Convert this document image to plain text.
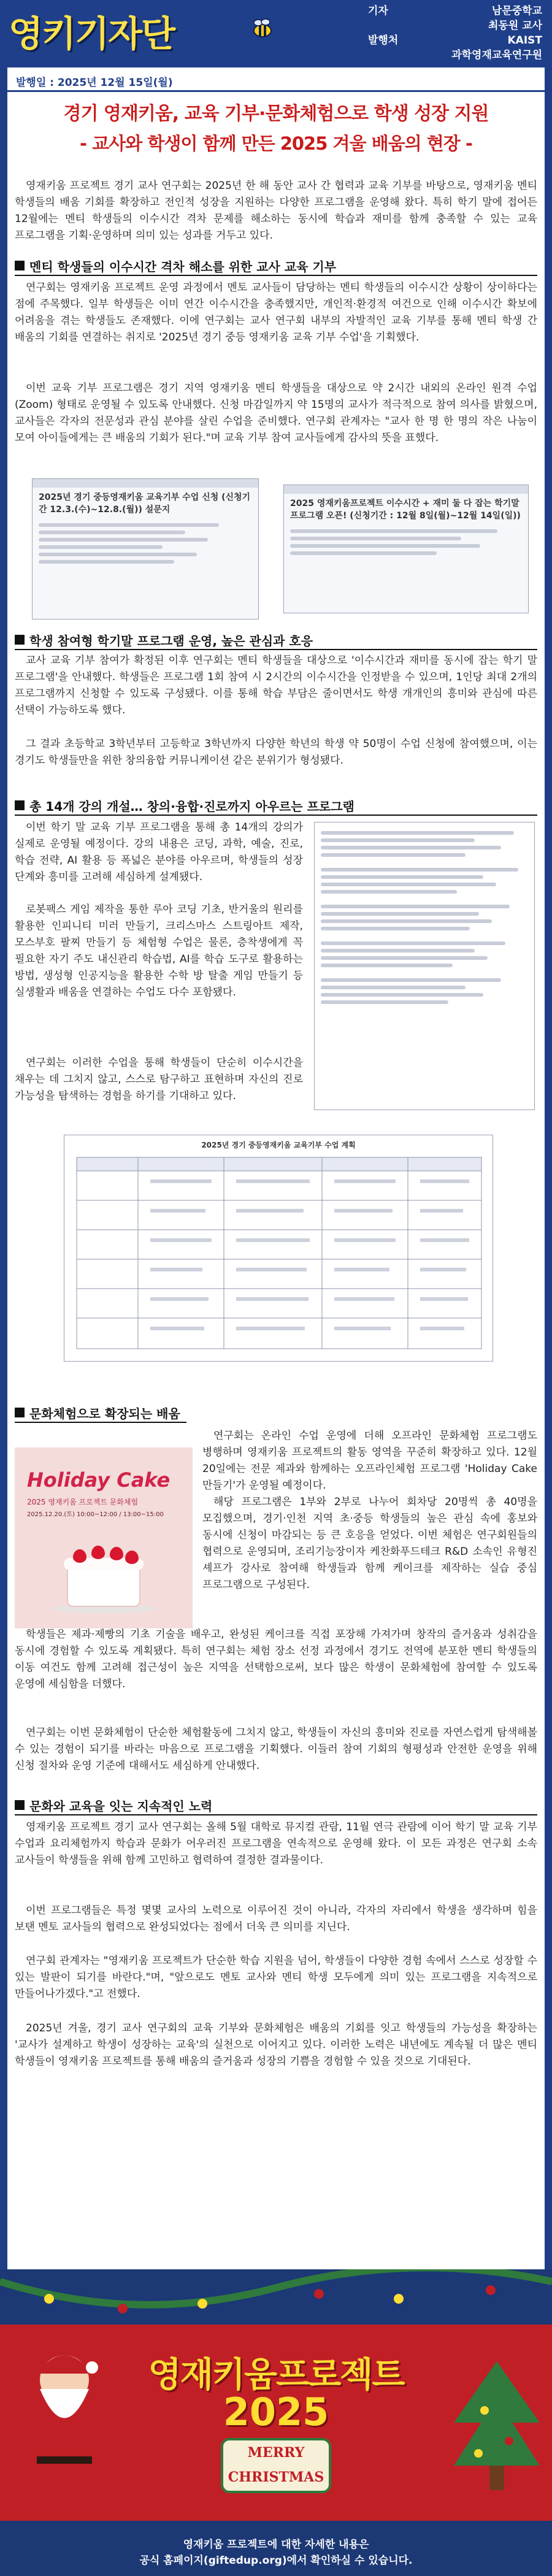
영키기자단
기자	남문중학교
최동원 교사
발행처	KAIST
과학영재교육연구원
발행일 : 2025년 12월 15일(월)
경기 영재키움, 교육 기부·문화체험으로 학생 성장 지원
- 교사와 학생이 함께 만든 2025 겨울 배움의 현장 -
영재키움 프로젝트 경기 교사 연구회는 2025년 한 해 동안 교사 간 협력과 교육 기부를 바탕으로, 영재키움 멘티 학생들의 배움 기회를 확장하고 전인적 성장을 지원하는 다양한 프로그램을 운영해 왔다. 특히 학기 말에 접어든 12월에는 멘티 학생들의 이수시간 격차 문제를 해소하는 동시에 학습과 재미를 함께 충족할 수 있는 교육 프로그램을 기획·운영하며 의미 있는 성과를 거두고 있다.
멘티 학생들의 이수시간 격차 해소를 위한 교사 교육 기부
연구회는 영재키움 프로젝트 운영 과정에서 멘토 교사들이 담당하는 멘티 학생들의 이수시간 상황이 상이하다는 점에 주목했다. 일부 학생들은 이미 연간 이수시간을 충족했지만, 개인적·환경적 여건으로 인해 이수시간 확보에 어려움을 겪는 학생들도 존재했다. 이에 연구회는 교사 연구회 내부의 자발적인 교육 기부를 통해 멘티 학생 간 배움의 기회를 연결하는 취지로 '2025년 경기 중등 영재키움 교육 기부 수업'을 기획했다.
이번 교육 기부 프로그램은 경기 지역 영재키움 멘티 학생들을 대상으로 약 2시간 내외의 온라인 원격 수업(Zoom) 형태로 운영될 수 있도록 안내했다. 신청 마감일까지 약 15명의 교사가 적극적으로 참여 의사를 밝혔으며, 교사들은 각자의 전문성과 관심 분야를 살린 수업을 준비했다. 연구회 관계자는 "교사 한 명 한 명의 작은 나눔이 모여 아이들에게는 큰 배움의 기회가 된다."며 교육 기부 참여 교사들에게 감사의 뜻을 표했다.
2025년 경기 중등영재키움 교육기부 수업 신청 (신청기간 12.3.(수)~12.8.(월)) 설문지
2025 영재키움프로젝트 이수시간 + 재미 둘 다 잡는 학기말 프로그램 오픈! (신청기간 : 12월 8일(월)~12월 14일(일))
학생 참여형 학기말 프로그램 운영, 높은 관심과 호응
교사 교육 기부 참여가 확정된 이후 연구회는 멘티 학생들을 대상으로 '이수시간과 재미를 동시에 잡는 학기 말 프로그램'을 안내했다. 학생들은 프로그램 1회 참여 시 2시간의 이수시간을 인정받을 수 있으며, 1인당 최대 2개의 프로그램까지 신청할 수 있도록 구성됐다. 이를 통해 학습 부담은 줄이면서도 학생 개개인의 흥미와 관심에 따른 선택이 가능하도록 했다.
그 결과 초등학교 3학년부터 고등학교 3학년까지 다양한 학년의 학생 약 50명이 수업 신청에 참여했으며, 이는 경기도 학생들만을 위한 창의융합 커뮤니케이션 같은 분위기가 형성됐다.
총 14개 강의 개설… 창의·융합·진로까지 아우르는 프로그램
이번 학기 말 교육 기부 프로그램을 통해 총 14개의 강의가 실제로 운영될 예정이다. 강의 내용은 코딩, 과학, 예술, 진로, 학습 전략, AI 활용 등 폭넓은 분야를 아우르며, 학생들의 성장 단계와 흥미를 고려해 세심하게 설계됐다.
로봇팩스 게임 제작을 통한 루아 코딩 기초, 반거울의 원리를 활용한 인피니티 미러 만들기, 크리스마스 스트링아트 제작, 모스부호 팔찌 만들기 등 체험형 수업은 물론, 층착생에게 꼭 필요한 자기 주도 내신관리 학습법, AI를 학습 도구로 활용하는 방법, 생성형 인공지능을 활용한 수학 방 탈출 게임 만들기 등 실생활과 배움을 연결하는 수업도 다수 포함됐다.
연구회는 이러한 수업을 통해 학생들이 단순히 이수시간을 채우는 데 그치지 않고, 스스로 탐구하고 표현하며 자신의 진로 가능성을 탐색하는 경험을 하기를 기대하고 있다.
2025년 경기 중등영재키움 교육기부 수업 계획
문화체험으로 확장되는 배움
Holiday Cake
2025 영재키움 프로젝트 문화체험
2025.12.20.(토) 10:00~12:00 / 13:00~15:00
연구회는 온라인 수업 운영에 더해 오프라인 문화체험 프로그램도 병행하며 영재키움 프로젝트의 활동 영역을 꾸준히 확장하고 있다. 12월 20일에는 전문 제과와 함께하는 오프라인체험 프로그램 'Holiday Cake 만들기'가 운영될 예정이다.
해당 프로그램은 1부와 2부로 나누어 회차당 20명씩 총 40명을 모집했으며, 경기·인천 지역 초·중등 학생들의 높은 관심 속에 홍보와 동시에 신청이 마감되는 등 큰 호응을 얻었다. 이번 체험은 연구회원들의 협력으로 운영되며, 조리기능장이자 케찬화푸드테크 R&D 소속인 유형진 셰프가 강사로 참여해 학생들과 함께 케이크를 제작하는 실습 중심 프로그램으로 구성된다.
학생들은 제과·제빵의 기초 기술을 배우고, 완성된 케이크를 직접 포장해 가져가며 창작의 즐거움과 성취감을 동시에 경험할 수 있도록 계획됐다. 특히 연구회는 체험 장소 선정 과정에서 경기도 전역에 분포한 멘티 학생들의 이동 여건도 함께 고려해 접근성이 높은 지역을 선택함으로써, 보다 많은 학생이 문화체험에 참여할 수 있도록 운영에 세심함을 더했다.
연구회는 이번 문화체험이 단순한 체험활동에 그치지 않고, 학생들이 자신의 흥미와 진로를 자연스럽게 탐색해볼 수 있는 경험이 되기를 바라는 마음으로 프로그램을 기획했다. 이들러 참여 기회의 형평성과 안전한 운영을 위해 신청 절차와 운영 기준에 대해서도 세심하게 안내했다.
문화와 교육을 잇는 지속적인 노력
영재키움 프로젝트 경기 교사 연구회는 올해 5월 대학로 뮤지컬 관람, 11월 연극 관람에 이어 학기 말 교육 기부 수업과 요리체험까지 학습과 문화가 어우러진 프로그램을 연속적으로 운영해 왔다. 이 모든 과정은 연구회 소속 교사들이 학생들을 위해 함께 고민하고 협력하여 결정한 결과물이다.
이번 프로그램들은 특정 몇몇 교사의 노력으로 이루어진 것이 아니라, 각자의 자리에서 학생을 생각하며 힘을 보탠 멘토 교사들의 협력으로 완성되었다는 점에서 더욱 큰 의미를 지닌다.
연구회 관계자는 "영재키움 프로젝트가 단순한 학습 지원을 넘어, 학생들이 다양한 경험 속에서 스스로 성장할 수 있는 발판이 되기를 바란다."며, "앞으로도 멘토 교사와 멘티 학생 모두에게 의미 있는 프로그램을 지속적으로 만들어나가겠다."고 전했다.
2025년 겨울, 경기 교사 연구회의 교육 기부와 문화체험은 배움의 기회를 잇고 학생들의 가능성을 확장하는 '교사가 설계하고 학생이 성장하는 교육'의 실천으로 이어지고 있다. 이러한 노력은 내년에도 계속될 더 많은 멘티 학생들이 영재키움 프로젝트를 통해 배움의 즐거움과 성장의 기쁨을 경험할 수 있을 것으로 기대된다.
영재키움프로젝트
2025
MERRY
CHRISTMAS
영재키움 프로젝트에 대한 자세한 내용은
공식 홈페이지(giftedup.org)에서 확인하실 수 있습니다.
